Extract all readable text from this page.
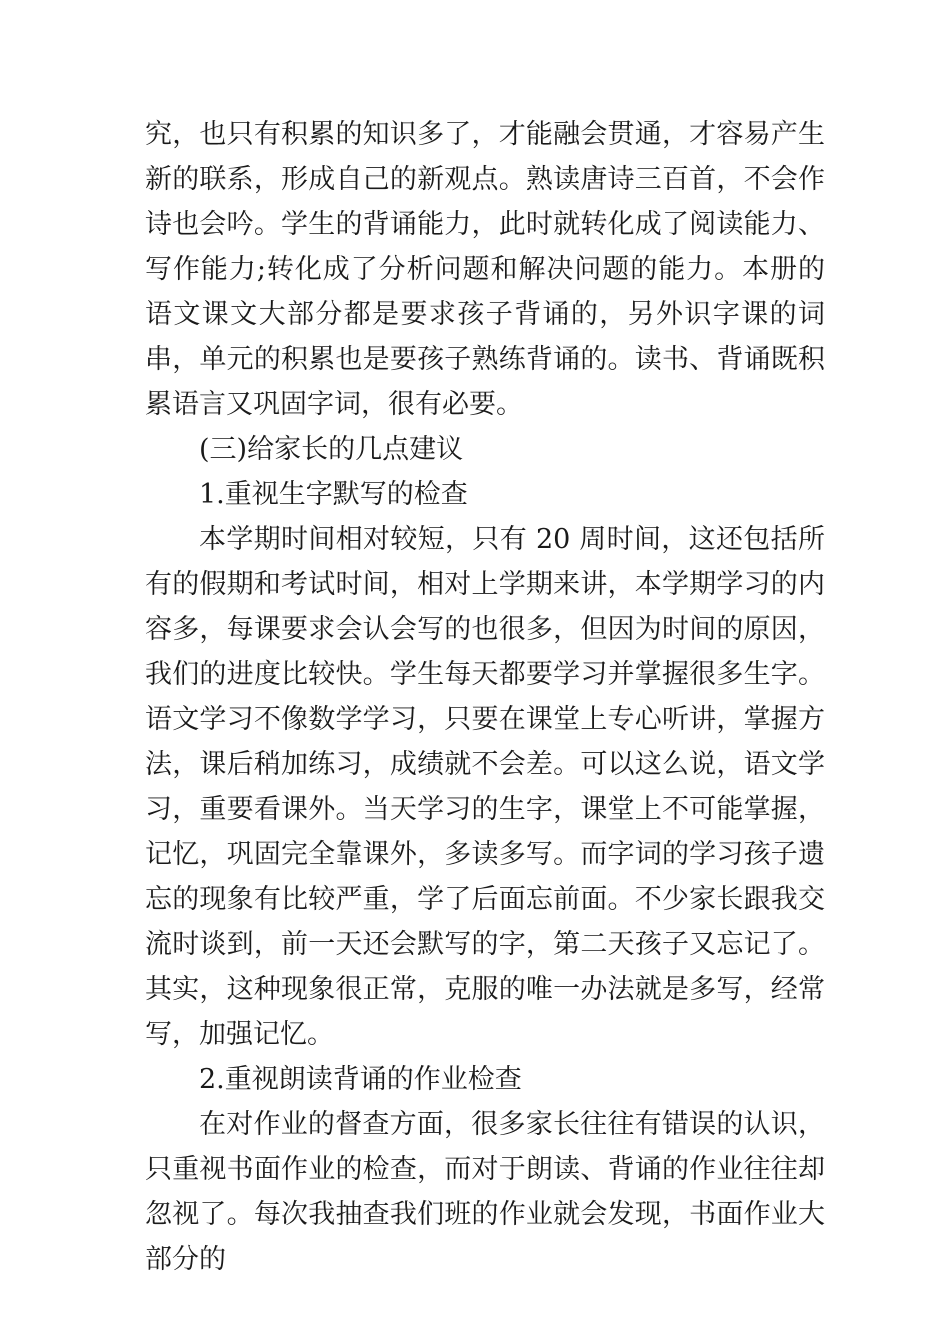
究，也只有积累的知识多了，才能融会贯通，才容易产生新的联系，形成自己的新观点。熟读唐诗三百首，不会作诗也会吟。学生的背诵能力，此时就转化成了阅读能力、写作能力;转化成了分析问题和解决问题的能力。本册的语文课文大部分都是要求孩子背诵的，另外识字课的词串，单元的积累也是要孩子熟练背诵的。读书、背诵既积累语言又巩固字词，很有必要。

(三)给家长的几点建议

1.重视生字默写的检查

本学期时间相对较短，只有 20 周时间，这还包括所有的假期和考试时间，相对上学期来讲，本学期学习的内容多，每课要求会认会写的也很多，但因为时间的原因，我们的进度比较快。学生每天都要学习并掌握很多生字。语文学习不像数学学习，只要在课堂上专心听讲，掌握方法，课后稍加练习，成绩就不会差。可以这么说，语文学习，重要看课外。当天学习的生字，课堂上不可能掌握，记忆，巩固完全靠课外，多读多写。而字词的学习孩子遗忘的现象有比较严重，学了后面忘前面。不少家长跟我交流时谈到，前一天还会默写的字，第二天孩子又忘记了。其实，这种现象很正常，克服的唯一办法就是多写，经常写，加强记忆。

2.重视朗读背诵的作业检查

在对作业的督查方面，很多家长往往有错误的认识，只重视书面作业的检查，而对于朗读、背诵的作业往往却忽视了。每次我抽查我们班的作业就会发现，书面作业大部分的
